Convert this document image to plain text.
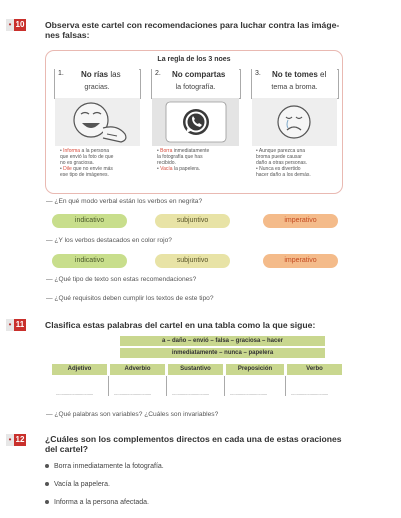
• 10 Observa este cartel con recomendaciones para luchar contra las imáge-
nes falsas:
La regla de los 3 noes
1. No rías las
gracias.
2. No compartas
la fotografía.
3. No te tomes el
tema a broma.
• Informa a la persona
que envió la foto de que
no es graciosa.
• Dile que no envíe más
ese tipo de imágenes.
• Borra inmediatamente
la fotografía que has
recibido.
• Vacía la papelera.
• Aunque parezca una
broma puede causar
daño a otras personas.
• Nunca es divertido
hacer daño a los demás.
— ¿En qué modo verbal están los verbos en negrita?
indicativo	subjuntivo	imperativo
— ¿Y los verbos destacados en color rojo?
indicativo	subjuntivo	imperativo
— ¿Qué tipo de texto son estas recomendaciones?
— ¿Qué requisitos deben cumplir los textos de este tipo?
• 11 Clasifica estas palabras del cartel en una tabla como la que sigue:
a – daño – envió – falsa – graciosa – hacer
inmediatamente – nunca – papelera
Adjetivo	Adverbio	Sustantivo	Preposición	Verbo
..................................	..................................	..................................	..................................	..................................
— ¿Qué palabras son variables? ¿Cuáles son invariables?
• 12 ¿Cuáles son los complementos directos en cada una de estas oraciones
del cartel?
Borra inmediatamente la fotografía.
Vacía la papelera.
Informa a la persona afectada.
